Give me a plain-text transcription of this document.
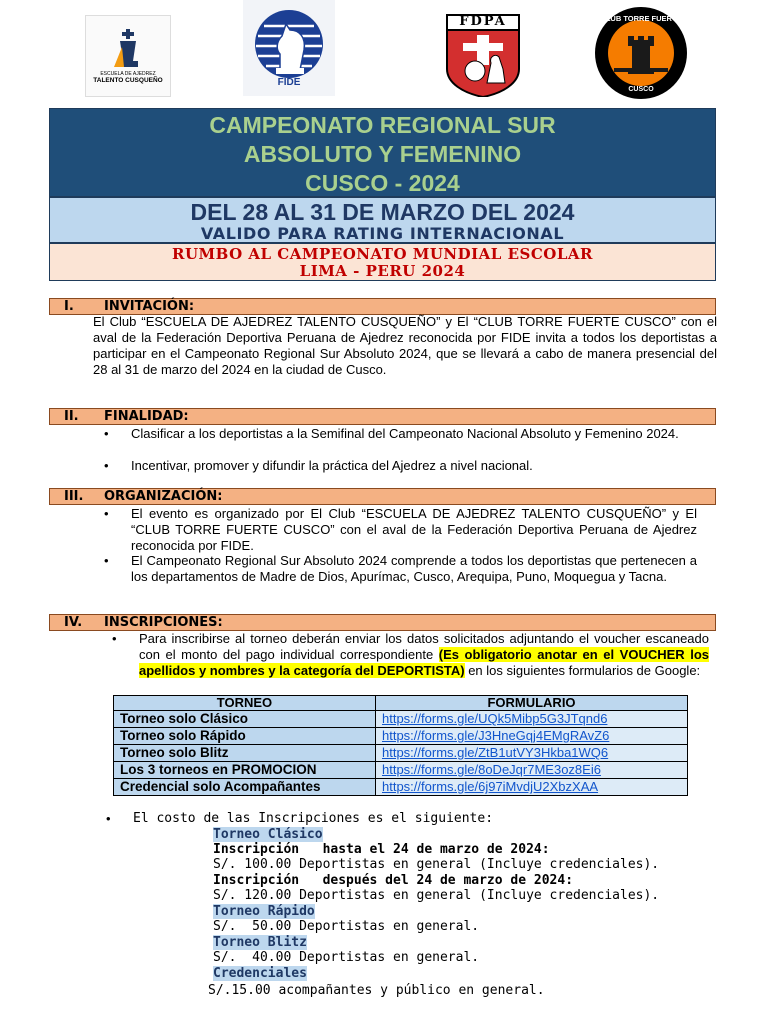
ESCUELA DE AJEDREZ
TALENTO CUSQUEÑO	FIDE
FDPA	CLUB TORRE FUERTE
CUSCO
CAMPEONATO REGIONAL SUR
ABSOLUTO Y FEMENINO
CUSCO - 2024
DEL 28 AL 31 DE MARZO DEL 2024
VALIDO PARA RATING INTERNACIONAL
RUMBO AL CAMPEONATO MUNDIAL ESCOLAR
LIMA - PERU 2024
I. INVITACIÓN:
El Club “ESCUELA DE AJEDREZ TALENTO CUSQUEÑO” y El “CLUB TORRE FUERTE CUSCO” con el aval de la Federación Deportiva Peruana de Ajedrez reconocida por FIDE invita a todos los deportistas a participar en el Campeonato Regional Sur Absoluto 2024, que se llevará a cabo de manera presencial del 28 al 31 de marzo del 2024 en la ciudad de Cusco.
II. FINALIDAD:
• Clasificar a los deportistas a la Semifinal del Campeonato Nacional Absoluto y Femenino 2024.
• Incentivar, promover y difundir la práctica del Ajedrez a nivel nacional.
III. ORGANIZACIÓN:
• El evento es organizado por El Club “ESCUELA DE AJEDREZ TALENTO CUSQUEÑO” y El “CLUB TORRE FUERTE CUSCO” con el aval de la Federación Deportiva Peruana de Ajedrez reconocida por FIDE.
• El Campeonato Regional Sur Absoluto 2024 comprende a todos los deportistas que pertenecen a los departamentos de Madre de Dios, Apurímac, Cusco, Arequipa, Puno, Moquegua y Tacna.
IV. INSCRIPCIONES:
• Para inscribirse al torneo deberán enviar los datos solicitados adjuntando el voucher escaneado con el monto del pago individual correspondiente (Es obligatorio anotar en el VOUCHER los apellidos y nombres y la categoría del DEPORTISTA) en los siguientes formularios de Google:
TORNEO	FORMULARIO
Torneo solo Clásico	https://forms.gle/UQk5Mibp5G3JTqnd6
Torneo solo Rápido	https://forms.gle/J3HneGqj4EMgRAvZ6
Torneo solo Blitz	https://forms.gle/ZtB1utVY3Hkba1WQ6
Los 3 torneos en PROMOCION	https://forms.gle/8oDeJqr7ME3oz8Ei6
Credencial solo Acompañantes	https://forms.gle/6j97iMvdjU2XbzXAA
• El costo de las Inscripciones es el siguiente:
Torneo Clásico
Inscripción   hasta el 24 de marzo de 2024:
S/. 100.00 Deportistas en general (Incluye credenciales).
Inscripción   después del 24 de marzo de 2024:
S/. 120.00 Deportistas en general (Incluye credenciales).
Torneo Rápido
S/.  50.00 Deportistas en general.
Torneo Blitz
S/.  40.00 Deportistas en general.
Credenciales
S/.15.00 acompañantes y público en general.
